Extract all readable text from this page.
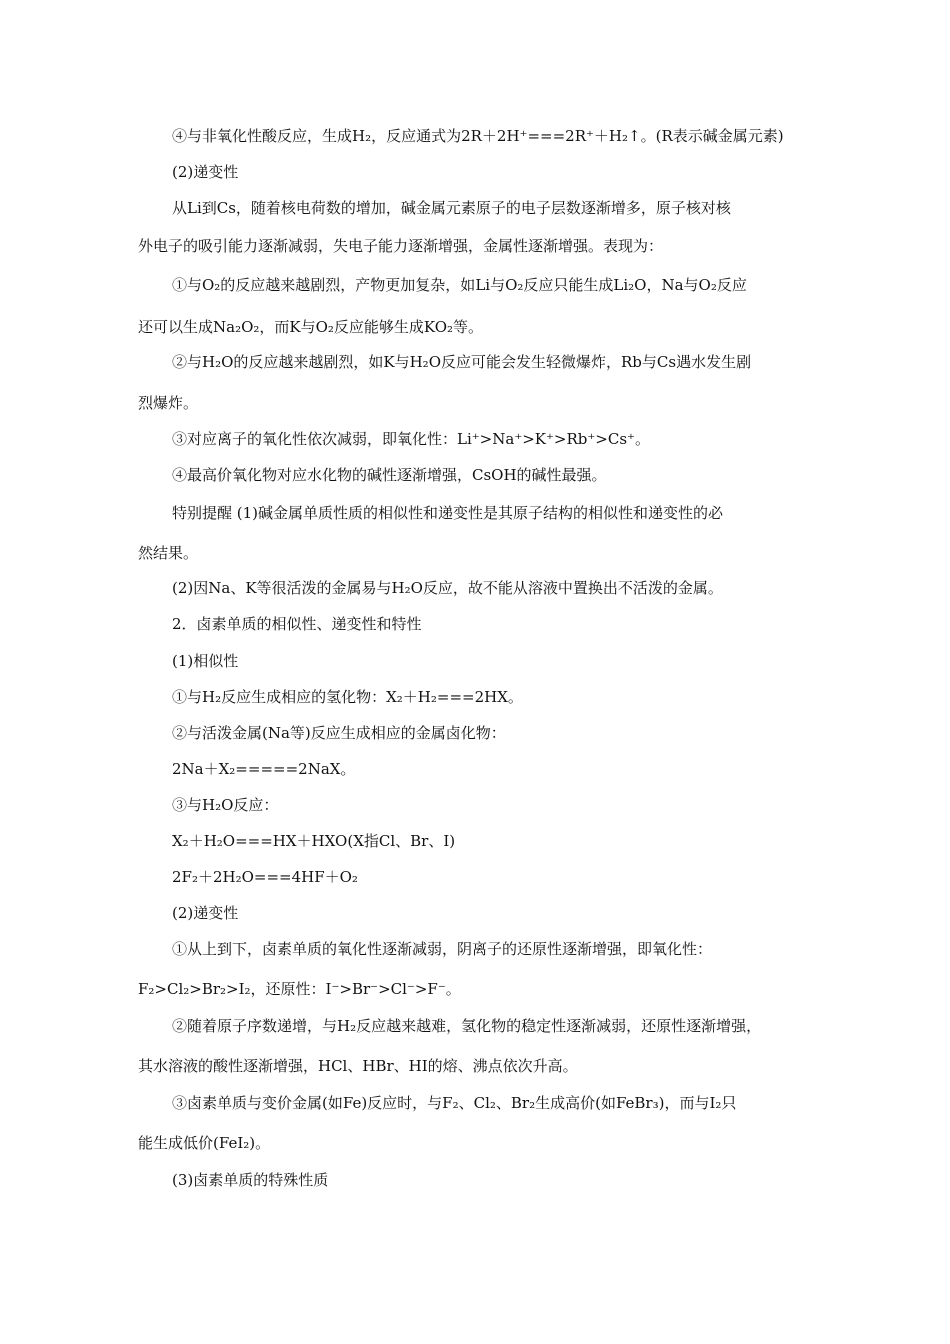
④与非氧化性酸反应，生成H₂，反应通式为2R＋2H⁺===2R⁺＋H₂↑。(R表示碱金属元素)
(2)递变性
从Li到Cs，随着核电荷数的增加，碱金属元素原子的电子层数逐渐增多，原子核对核
外电子的吸引能力逐渐减弱，失电子能力逐渐增强，金属性逐渐增强。表现为：
①与O₂的反应越来越剧烈，产物更加复杂，如Li与O₂反应只能生成Li₂O，Na与O₂反应
还可以生成Na₂O₂，而K与O₂反应能够生成KO₂等。
②与H₂O的反应越来越剧烈，如K与H₂O反应可能会发生轻微爆炸，Rb与Cs遇水发生剧
烈爆炸。
③对应离子的氧化性依次减弱，即氧化性：Li⁺>Na⁺>K⁺>Rb⁺>Cs⁺。
④最高价氧化物对应水化物的碱性逐渐增强，CsOH的碱性最强。
特别提醒 (1)碱金属单质性质的相似性和递变性是其原子结构的相似性和递变性的必
然结果。
(2)因Na、K等很活泼的金属易与H₂O反应，故不能从溶液中置换出不活泼的金属。
2．卤素单质的相似性、递变性和特性
(1)相似性
①与H₂反应生成相应的氢化物：X₂＋H₂===2HX。
②与活泼金属(Na等)反应生成相应的金属卤化物：
2Na＋X₂=====2NaX。
③与H₂O反应：
X₂＋H₂O===HX＋HXO(X指Cl、Br、I)
2F₂＋2H₂O===4HF＋O₂
(2)递变性
①从上到下，卤素单质的氧化性逐渐减弱，阴离子的还原性逐渐增强，即氧化性：
F₂>Cl₂>Br₂>I₂，还原性：I⁻>Br⁻>Cl⁻>F⁻。
②随着原子序数递增，与H₂反应越来越难，氢化物的稳定性逐渐减弱，还原性逐渐增强，
其水溶液的酸性逐渐增强，HCl、HBr、HI的熔、沸点依次升高。
③卤素单质与变价金属(如Fe)反应时，与F₂、Cl₂、Br₂生成高价(如FeBr₃)，而与I₂只
能生成低价(FeI₂)。
(3)卤素单质的特殊性质
